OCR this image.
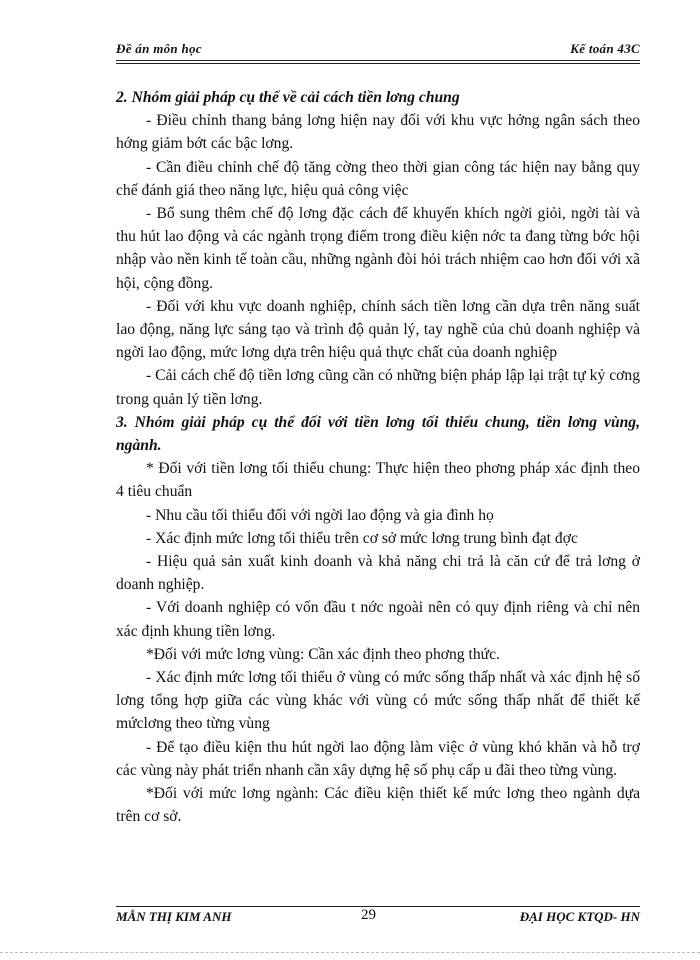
Đề án môn học	Kế toán 43C

2. Nhóm giải pháp cụ thể về cải cách tiền lơng chung

- Điều chỉnh thang bảng lơng hiện nay đối với khu vực hởng ngân sách theo hớng giảm bớt các bậc lơng.

- Cần điều chỉnh chế độ tăng cờng theo thời gian công tác hiện nay bằng quy chế đánh giá theo năng lực, hiệu quả công việc

- Bổ sung thêm chế độ lơng đặc cách để khuyến khích ngời giỏi, ngời tài và thu hút lao động và các ngành trọng điểm trong điều kiện nớc ta đang từng bớc hội nhập vào nền kinh tế toàn cầu, những ngành đòi hỏi trách nhiệm cao hơn đối với xã hội, cộng đồng.

- Đối với khu vực doanh nghiệp, chính sách tiền lơng cần dựa trên năng suất lao động, năng lực sáng tạo và trình độ quản lý, tay nghề của chủ doanh nghiệp và ngời lao động, mức lơng dựa trên hiệu quả thực chất của doanh nghiệp

- Cải cách chế độ tiền lơng cũng cần có những biện pháp lập lại trật tự kỷ cơng trong quản lý tiền lơng.

3. Nhóm giải pháp cụ thể đối với tiền lơng tối thiểu chung, tiền lơng vùng, ngành.

* Đối với tiền lơng tối thiểu chung: Thực hiện theo phơng pháp xác định theo 4 tiêu chuẩn

- Nhu cầu tối thiểu đối với ngời lao động và gia đình họ

- Xác định mức lơng tối thiểu trên cơ sở mức lơng trung bình đạt đợc

- Hiệu quả sản xuất kinh doanh và khả năng chi trả là căn cứ để trả lơng ở doanh nghiệp.

- Với doanh nghiệp có vốn đầu t nớc ngoài nên có quy định riêng và chỉ nên xác định khung tiền lơng.

*Đối với mức lơng vùng: Cần xác định theo phơng thức.

- Xác định mức lơng tối thiểu ở vùng có mức sống thấp nhất và xác định hệ số lơng tổng hợp giữa các vùng khác với vùng có mức sống thấp nhất để thiết kế mứclơng theo từng vùng

- Để tạo điều kiện thu hút ngời lao động làm việc ở vùng khó khăn và hỗ trợ các vùng này phát triển nhanh cần xây dựng hệ số phụ cấp u đãi theo từng vùng.

*Đối với mức lơng ngành: Các điều kiện thiết kế mức lơng theo ngành dựa trên cơ sở.

MẪN THỊ KIM ANH	29	ĐẠI HỌC KTQD- HN
